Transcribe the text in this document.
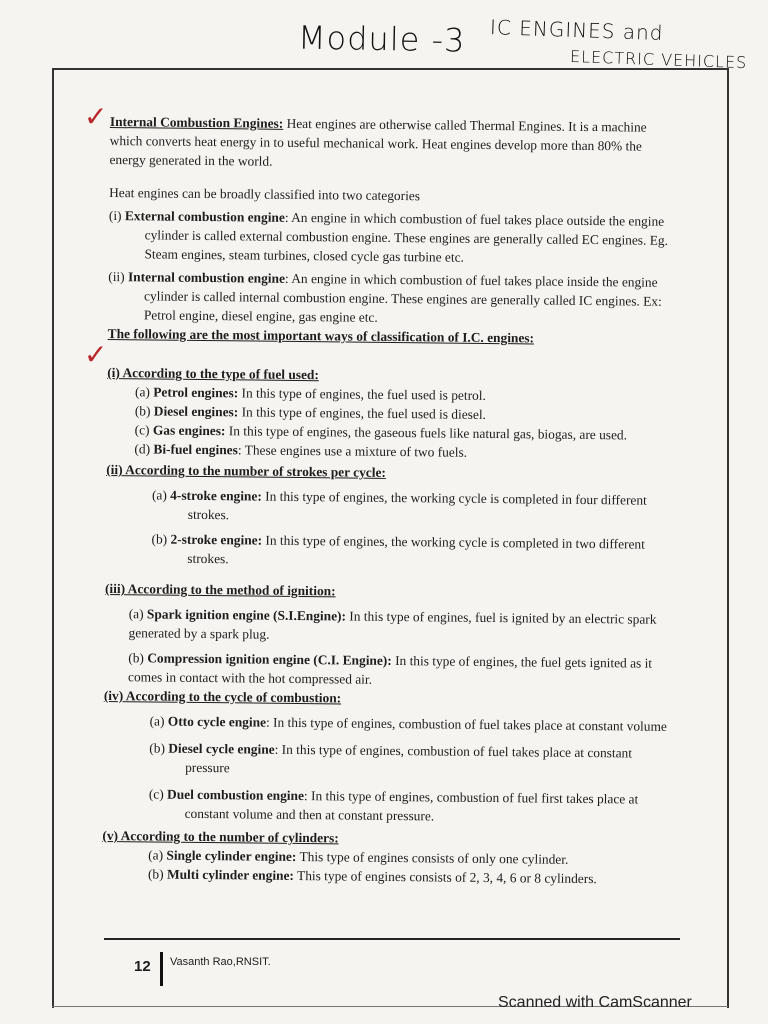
Module -3 IC ENGINES and
ELECTRIC VEHICLES
✓
✓

Internal Combustion Engines: Heat engines are otherwise called Thermal Engines. It is a machine which converts heat energy in to useful mechanical work. Heat engines develop more than 80% the energy generated in the world.

Heat engines can be broadly classified into two categories

(i) External combustion engine: An engine in which combustion of fuel takes place outside the engine cylinder is called external combustion engine. These engines are generally called EC engines. Eg. Steam engines, steam turbines, closed cycle gas turbine etc.

(ii) Internal combustion engine: An engine in which combustion of fuel takes place inside the engine cylinder is called internal combustion engine. These engines are generally called IC engines. Ex: Petrol engine, diesel engine, gas engine etc.

The following are the most important ways of classification of I.C. engines:

(i) According to the type of fuel used:

(a) Petrol engines: In this type of engines, the fuel used is petrol.

(b) Diesel engines: In this type of engines, the fuel used is diesel.

(c) Gas engines: In this type of engines, the gaseous fuels like natural gas, biogas, are used.

(d) Bi-fuel engines: These engines use a mixture of two fuels.

(ii) According to the number of strokes per cycle:

(a) 4-stroke engine: In this type of engines, the working cycle is completed in four different strokes.

(b) 2-stroke engine: In this type of engines, the working cycle is completed in two different strokes.

(iii) According to the method of ignition:

(a) Spark ignition engine (S.I.Engine): In this type of engines, fuel is ignited by an electric spark generated by a spark plug.

(b) Compression ignition engine (C.I. Engine): In this type of engines, the fuel gets ignited as it comes in contact with the hot compressed air.

(iv) According to the cycle of combustion:

(a) Otto cycle engine: In this type of engines, combustion of fuel takes place at constant volume

(b) Diesel cycle engine: In this type of engines, combustion of fuel takes place at constant pressure

(c) Duel combustion engine: In this type of engines, combustion of fuel first takes place at constant volume and then at constant pressure.

(v) According to the number of cylinders:

(a) Single cylinder engine: This type of engines consists of only one cylinder.

(b) Multi cylinder engine: This type of engines consists of 2, 3, 4, 6 or 8 cylinders.

12 Vasanth Rao,RNSIT.
Scanned with CamScanner
